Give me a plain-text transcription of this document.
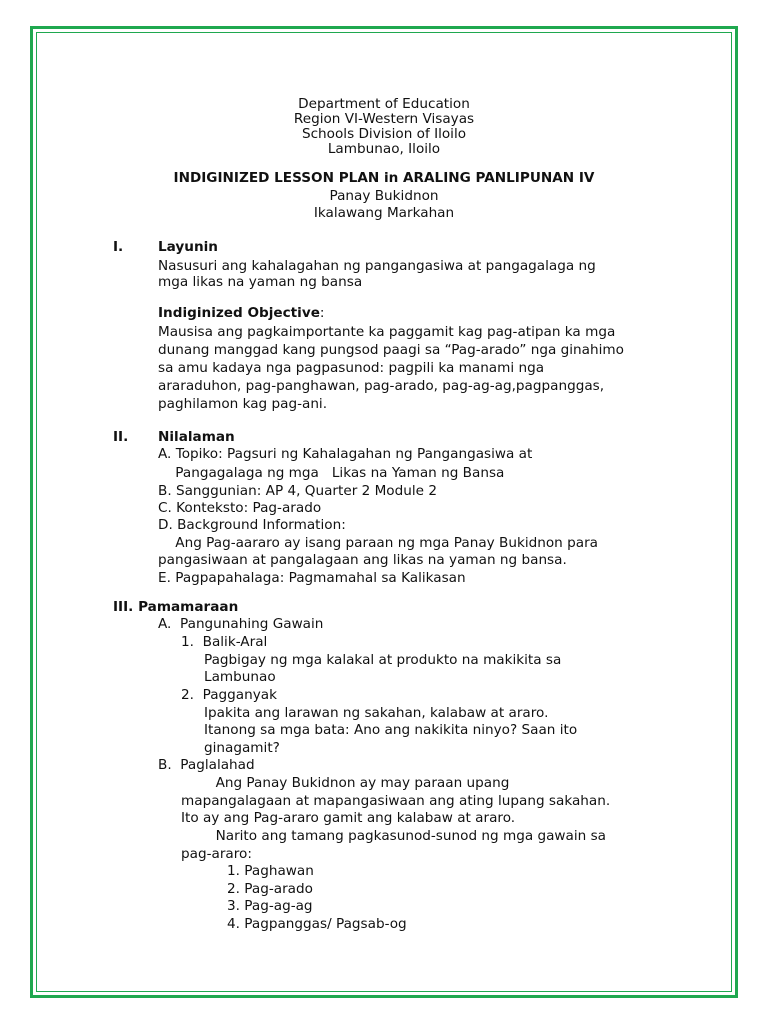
Department of Education
Region VI-Western Visayas
Schools Division of Iloilo
Lambunao, Iloilo
INDIGINIZED LESSON PLAN in ARALING PANLIPUNAN IV
Panay Bukidnon
Ikalawang Markahan
I.	Layunin
Nasusuri ang kahalagahan ng pangangasiwa at pangagalaga ng
mga likas na yaman ng bansa
Indiginized Objective:
Mausisa ang pagkaimportante ka paggamit kag pag-atipan ka mga
dunang manggad kang pungsod paagi sa “Pag-arado” nga ginahimo
sa amu kadaya nga pagpasunod: pagpili ka manami nga
araraduhon, pag-panghawan, pag-arado, pag-ag-ag,pagpanggas,
paghilamon kag pag-ani.
II. Nilalaman
A. Topiko: Pagsuri ng Kahalagahan ng Pangangasiwa at
Pangagalaga ng mga   Likas na Yaman ng Bansa
B. Sanggunian: AP 4, Quarter 2 Module 2
C. Konteksto: Pag-arado
D. Background Information:
Ang Pag-aararo ay isang paraan ng mga Panay Bukidnon para
pangasiwaan at pangalagaan ang likas na yaman ng bansa.
E. Pagpapahalaga: Pagmamahal sa Kalikasan
III. Pamamaraan
A.  Pangunahing Gawain
1.  Balik-Aral
Pagbigay ng mga kalakal at produkto na makikita sa
Lambunao
2.  Pagganyak
Ipakita ang larawan ng sakahan, kalabaw at araro.
Itanong sa mga bata: Ano ang nakikita ninyo? Saan ito
ginagamit?
B.  Paglalahad
Ang Panay Bukidnon ay may paraan upang
mapangalagaan at mapangasiwaan ang ating lupang sakahan.
Ito ay ang Pag-araro gamit ang kalabaw at araro.
Narito ang tamang pagkasunod-sunod ng mga gawain sa
pag-araro:
1. Paghawan
2. Pag-arado
3. Pag-ag-ag
4. Pagpanggas/ Pagsab-og
